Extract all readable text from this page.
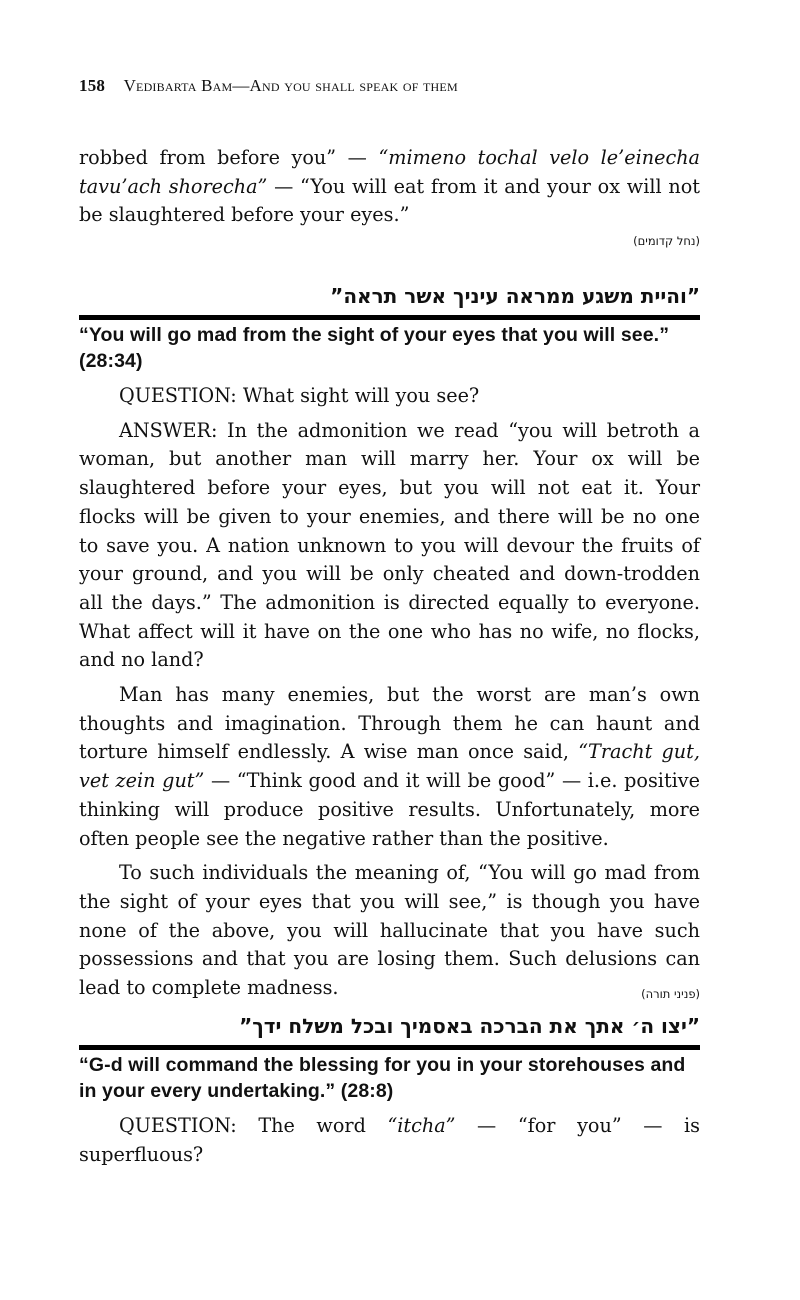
158 Vedibarta Bam—And you shall speak of them

robbed from before you” — “mimeno tochal velo le’einecha tavu’ach shorecha” — “You will eat from it and your ox will not be slaughtered before your eyes.”

(נחל קדומים)

”והיית משגע ממראה עיניך אשר תראה”

“You will go mad from the sight of your eyes that you will see.” (28:34)

QUESTION: What sight will you see?

ANSWER: In the admonition we read “you will betroth a woman, but another man will marry her. Your ox will be slaughtered before your eyes, but you will not eat it. Your flocks will be given to your enemies, and there will be no one to save you. A nation unknown to you will devour the fruits of your ground, and you will be only cheated and down-trodden all the days.” The admonition is directed equally to everyone. What affect will it have on the one who has no wife, no flocks, and no land?

Man has many enemies, but the worst are man’s own thoughts and imagination. Through them he can haunt and torture himself endlessly. A wise man once said, “Tracht gut, vet zein gut” — “Think good and it will be good” — i.e. positive thinking will produce positive results. Unfortunately, more often people see the negative rather than the positive.

To such individuals the meaning of, “You will go mad from the sight of your eyes that you will see,” is though you have none of the above, you will hallucinate that you have such possessions and that you are losing them. Such delusions can lead to complete madness.	(פניני תורה)

”יצו ה׳ אתך את הברכה באסמיך ובכל משלח ידך”

“G-d will command the blessing for you in your storehouses and in your every undertaking.” (28:8)

QUESTION: The word “itcha” — “for you” — is superfluous?
